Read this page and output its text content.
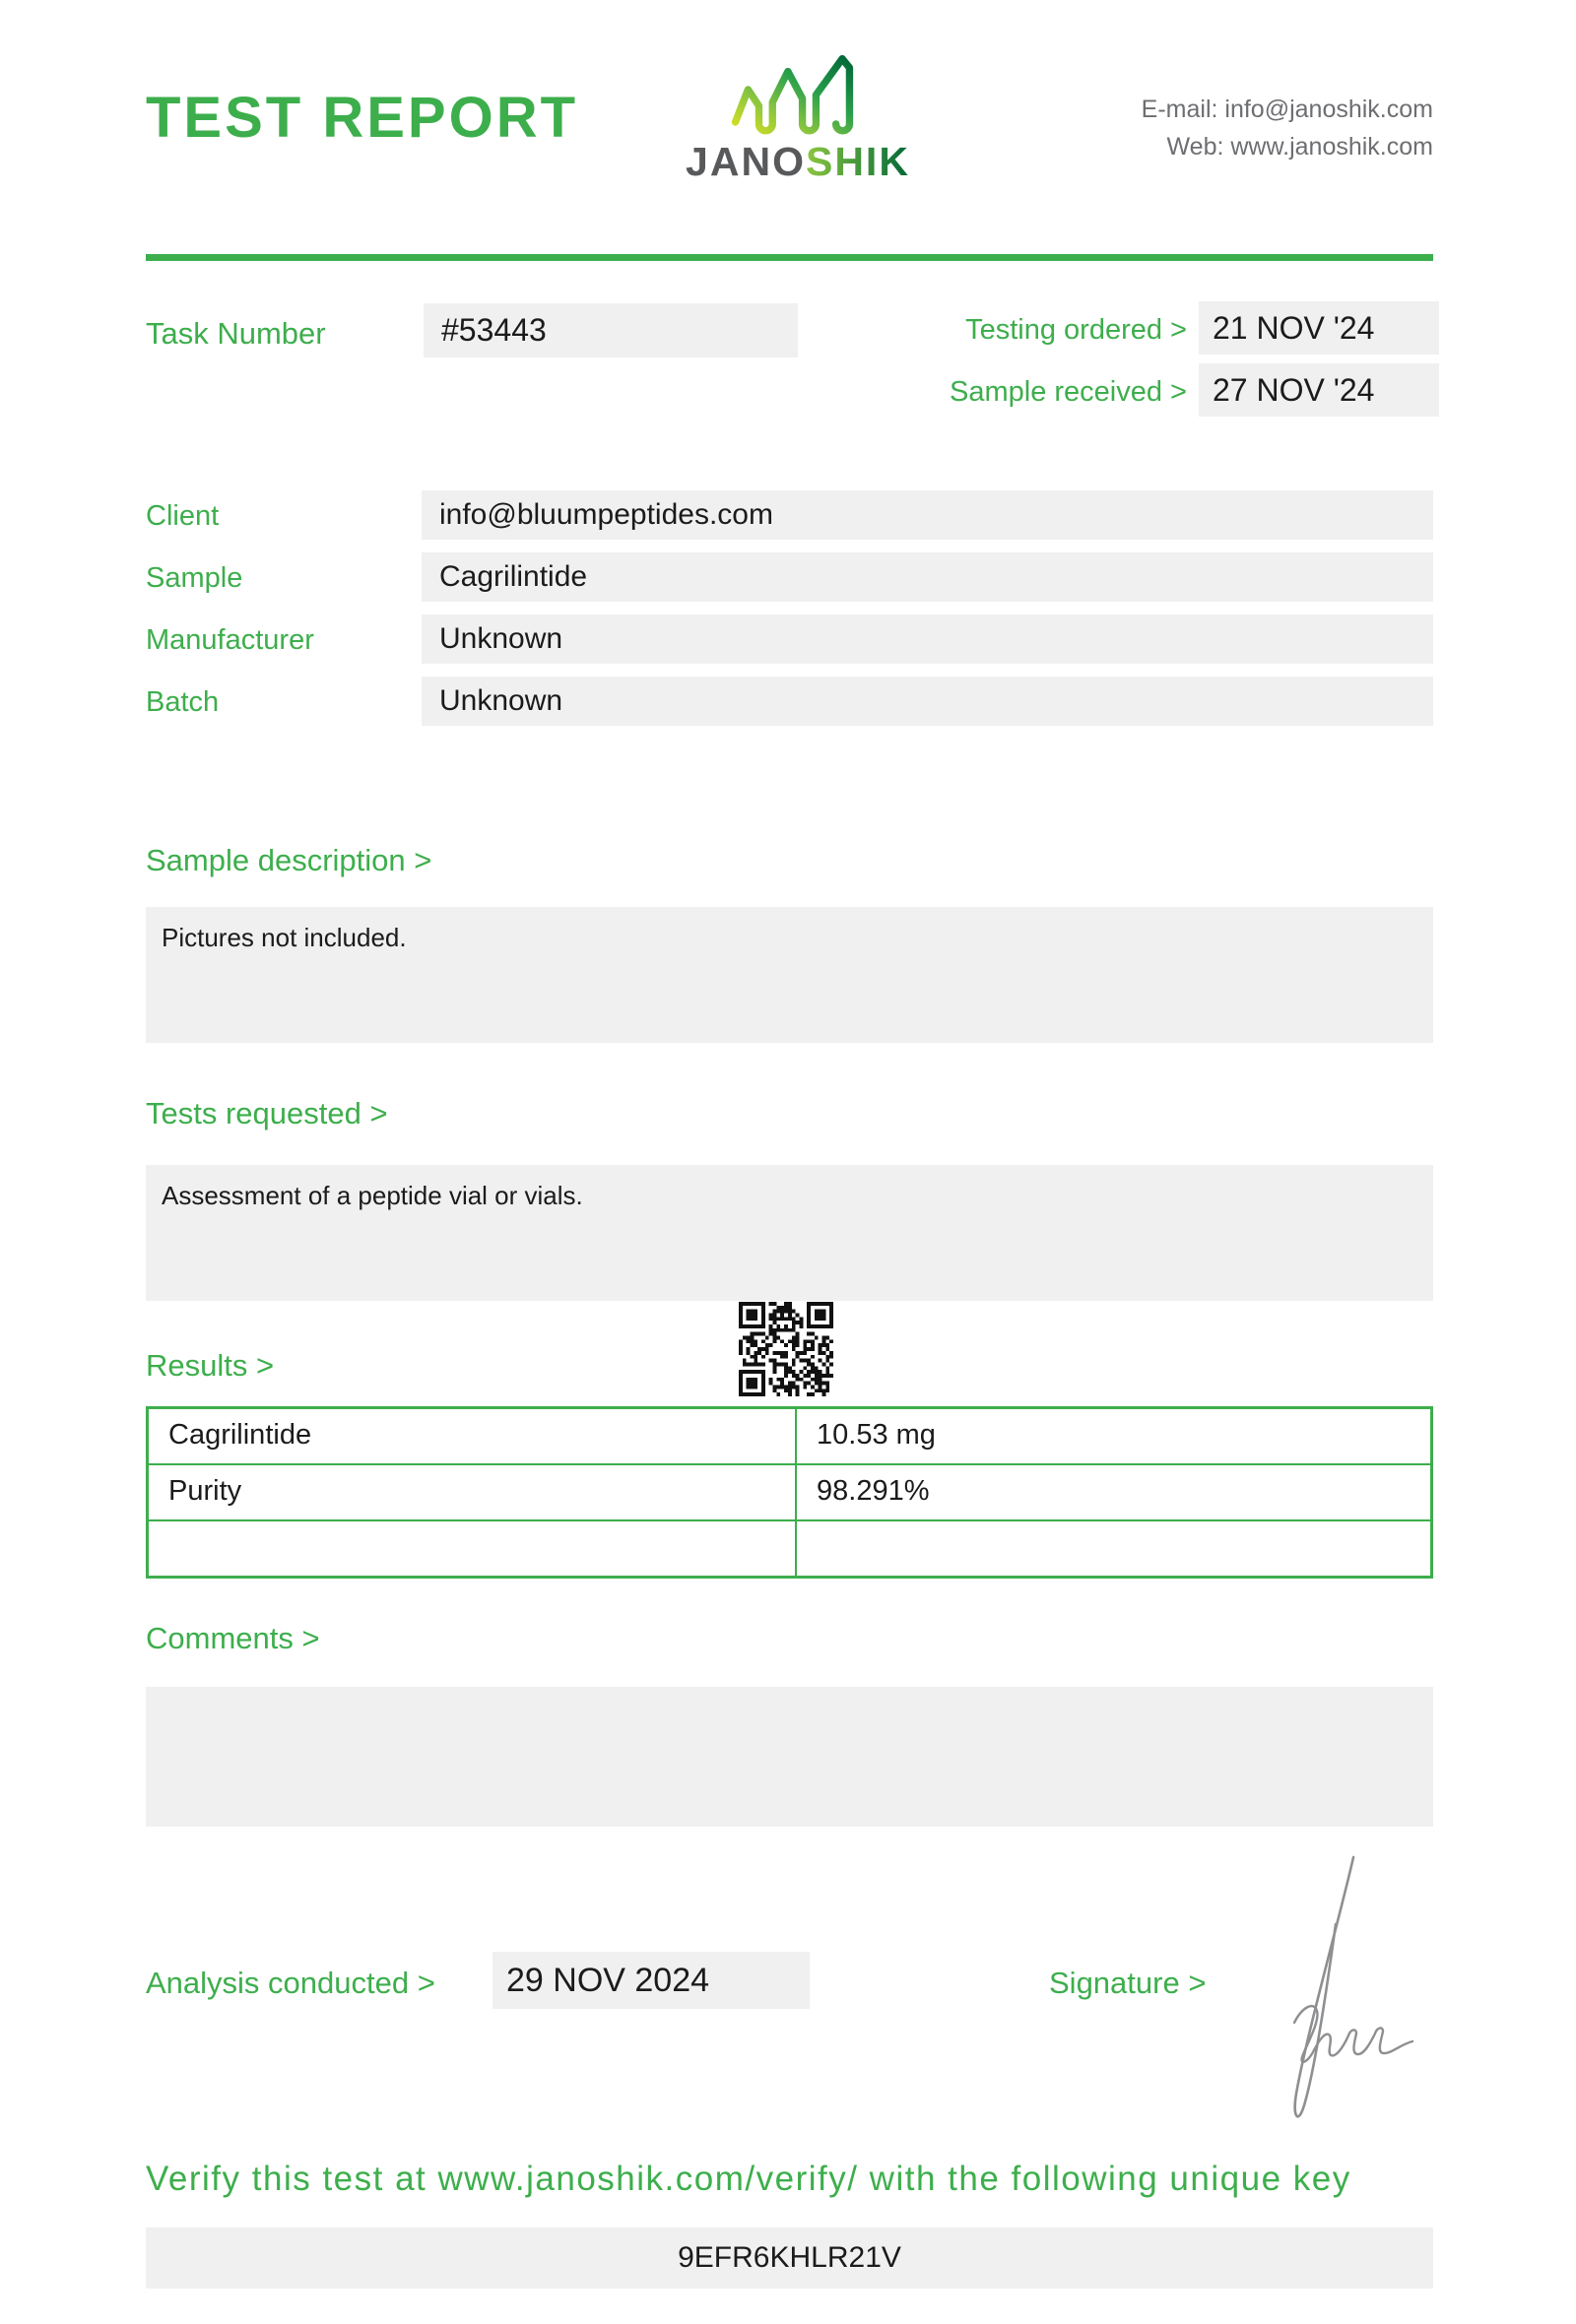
TEST REPORT
JANOSHIK
E-mail: info@janoshik.com
Web: www.janoshik.com
Task Number	#53443	Testing ordered > 21 NOV '24
Sample received > 27 NOV '24
Client	info@bluumpeptides.com
Sample	Cagrilintide
Manufacturer	Unknown
Batch	Unknown
Sample description >
Pictures not included.
Tests requested >
Assessment of a peptide vial or vials.
Results >
Cagrilintide	10.53 mg
Purity	98.291%
Comments >
Analysis conducted >	29 NOV 2024	Signature >
Verify this test at www.janoshik.com/verify/ with the following unique key
9EFR6KHLR21V
